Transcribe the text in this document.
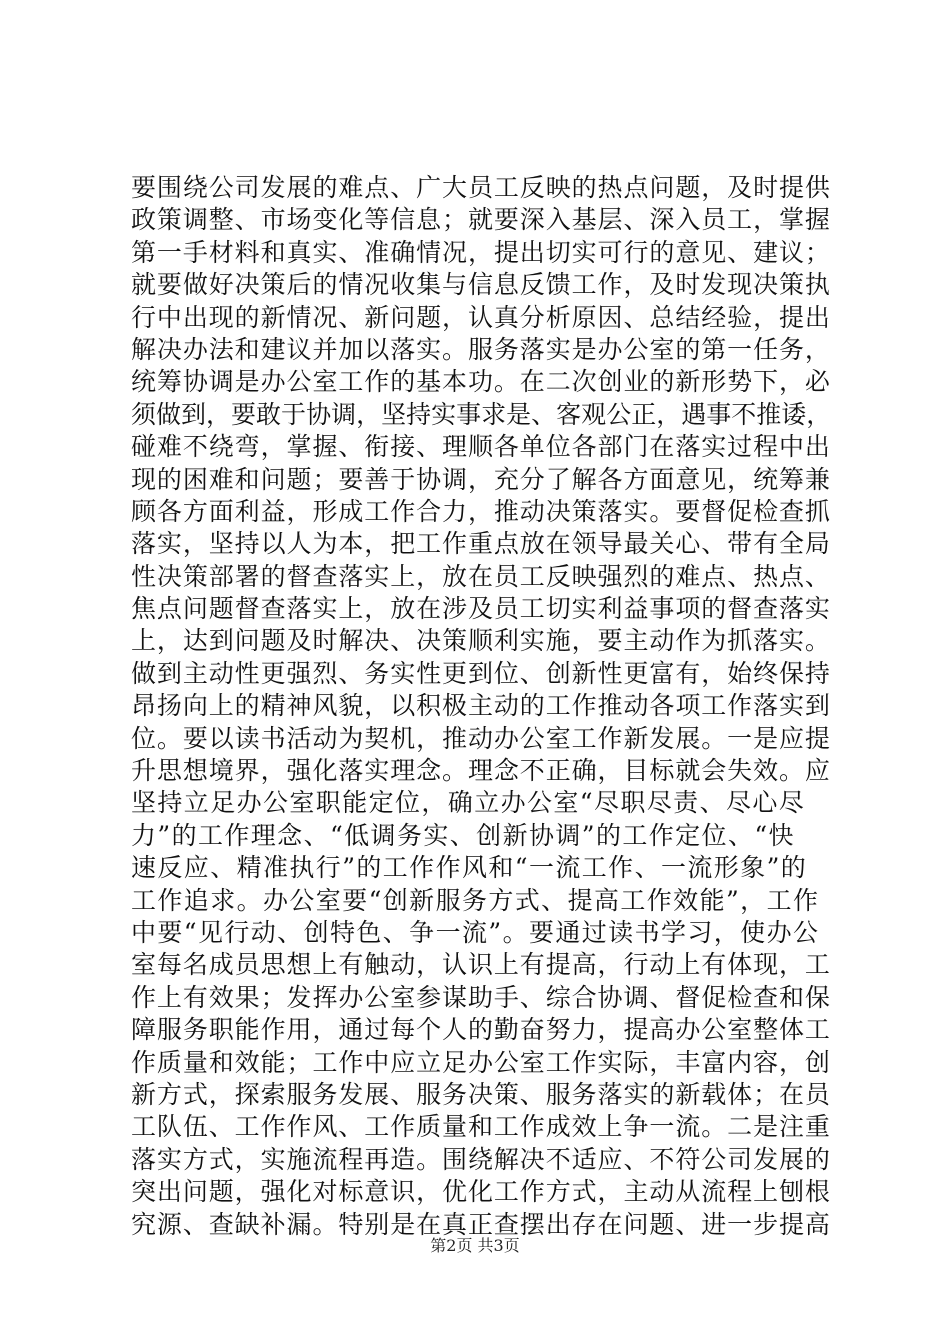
要围绕公司发展的难点、广大员工反映的热点问题，及时提供
政策调整、市场变化等信息；就要深入基层、深入员工，掌握
第一手材料和真实、准确情况，提出切实可行的意见、建议；
就要做好决策后的情况收集与信息反馈工作，及时发现决策执
行中出现的新情况、新问题，认真分析原因、总结经验，提出
解决办法和建议并加以落实。服务落实是办公室的第一任务，
统筹协调是办公室工作的基本功。在二次创业的新形势下，必
须做到，要敢于协调，坚持实事求是、客观公正，遇事不推诿，
碰难不绕弯，掌握、衔接、理顺各单位各部门在落实过程中出
现的困难和问题；要善于协调，充分了解各方面意见，统筹兼
顾各方面利益，形成工作合力，推动决策落实。要督促检查抓
落实，坚持以人为本，把工作重点放在领导最关心、带有全局
性决策部署的督查落实上，放在员工反映强烈的难点、热点、
焦点问题督查落实上，放在涉及员工切实利益事项的督查落实
上，达到问题及时解决、决策顺利实施，要主动作为抓落实。
做到主动性更强烈、务实性更到位、创新性更富有，始终保持
昂扬向上的精神风貌，以积极主动的工作推动各项工作落实到
位。要以读书活动为契机，推动办公室工作新发展。一是应提
升思想境界，强化落实理念。理念不正确，目标就会失效。应
坚持立足办公室职能定位，确立办公室“尽职尽责、尽心尽
力”的工作理念、“低调务实、创新协调”的工作定位、“快
速反应、精准执行”的工作作风和“一流工作、一流形象”的
工作追求。办公室要“创新服务方式、提高工作效能”，工作
中要“见行动、创特色、争一流”。要通过读书学习，使办公
室每名成员思想上有触动，认识上有提高，行动上有体现，工
作上有效果；发挥办公室参谋助手、综合协调、督促检查和保
障服务职能作用，通过每个人的勤奋努力，提高办公室整体工
作质量和效能；工作中应立足办公室工作实际，丰富内容，创
新方式，探索服务发展、服务决策、服务落实的新载体；在员
工队伍、工作作风、工作质量和工作成效上争一流。二是注重
落实方式，实施流程再造。围绕解决不适应、不符公司发展的
突出问题，强化对标意识，优化工作方式，主动从流程上刨根
究源、查缺补漏。特别是在真正查摆出存在问题、进一步提高
第2页 共3页
